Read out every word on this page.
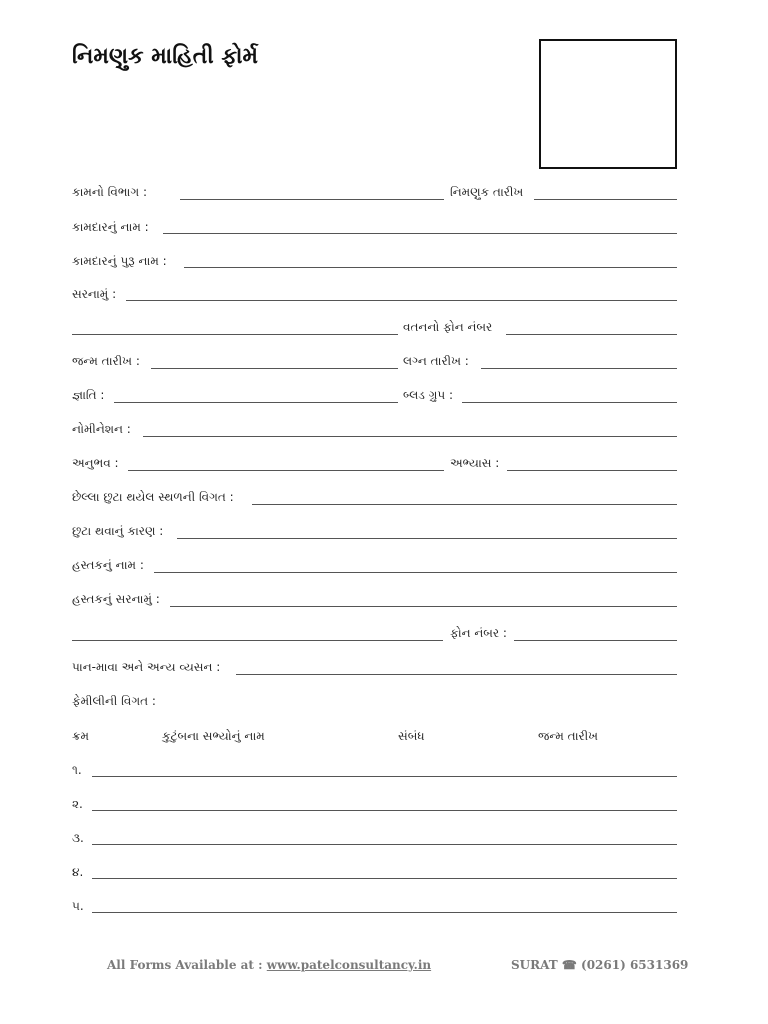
નિમણુક માહિતી ફોર્મ
કામનો વિભાગ :	નિમણુક તારીખ
કામદારનું નામ :
કામદારનું પુરૂ નામ :
સરનામું :
વતનનો ફોન નંબર
જન્મ તારીખ :	લગ્ન તારીખ :
જ્ઞાતિ :	બ્લડ ગ્રુપ :
નોમીનેશન :
અનુભવ :	અભ્યાસ :
છેલ્લા છુટા થયેલ સ્થળની વિગત :
છુટા થવાનું કારણ :
હસ્તકનું નામ :
હસ્તકનું સરનામું :
ફોન નંબર :
પાન-માવા અને અન્ય વ્યસન :
ફેમીલીની વિગત :
ક્રમ	કુટુંબના સભ્યોનું નામ	સંબંધ	જન્મ તારીખ
૧.
૨.
૩.
૪.
૫.
All Forms Available at : www.patelconsultancy.in	SURAT ☎ (0261) 6531369
